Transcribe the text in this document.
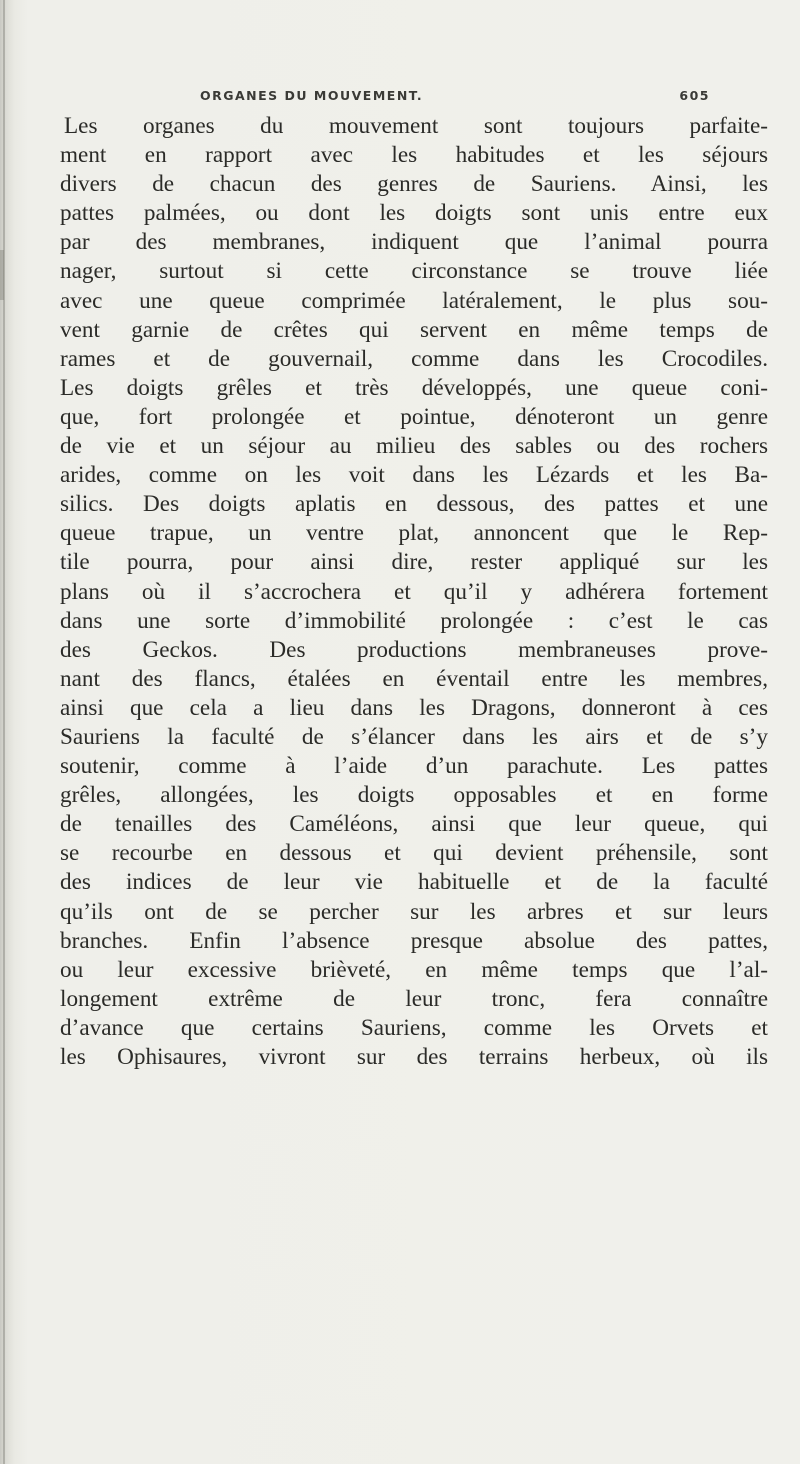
ORGANES DU MOUVEMENT.	605
Les organes du mouvement sont toujours parfaite-
ment en rapport avec les habitudes et les séjours
divers de chacun des genres de Sauriens. Ainsi, les
pattes palmées, ou dont les doigts sont unis entre eux
par des membranes, indiquent que l’animal pourra
nager, surtout si cette circonstance se trouve liée
avec une queue comprimée latéralement, le plus sou-
vent garnie de crêtes qui servent en même temps de
rames et de gouvernail, comme dans les Crocodiles.
Les doigts grêles et très développés, une queue coni-
que, fort prolongée et pointue, dénoteront un genre
de vie et un séjour au milieu des sables ou des rochers
arides, comme on les voit dans les Lézards et les Ba-
silics. Des doigts aplatis en dessous, des pattes et une
queue trapue, un ventre plat, annoncent que le Rep-
tile pourra, pour ainsi dire, rester appliqué sur les
plans où il s’accrochera et qu’il y adhérera fortement
dans une sorte d’immobilité prolongée : c’est le cas
des Geckos. Des productions membraneuses prove-
nant des flancs, étalées en éventail entre les membres,
ainsi que cela a lieu dans les Dragons, donneront à ces
Sauriens la faculté de s’élancer dans les airs et de s’y
soutenir, comme à l’aide d’un parachute. Les pattes
grêles, allongées, les doigts opposables et en forme
de tenailles des Caméléons, ainsi que leur queue, qui
se recourbe en dessous et qui devient préhensile, sont
des indices de leur vie habituelle et de la faculté
qu’ils ont de se percher sur les arbres et sur leurs
branches. Enfin l’absence presque absolue des pattes,
ou leur excessive brièveté, en même temps que l’al-
longement extrême de leur tronc, fera connaître
d’avance que certains Sauriens, comme les Orvets et
les Ophisaures, vivront sur des terrains herbeux, où ils
